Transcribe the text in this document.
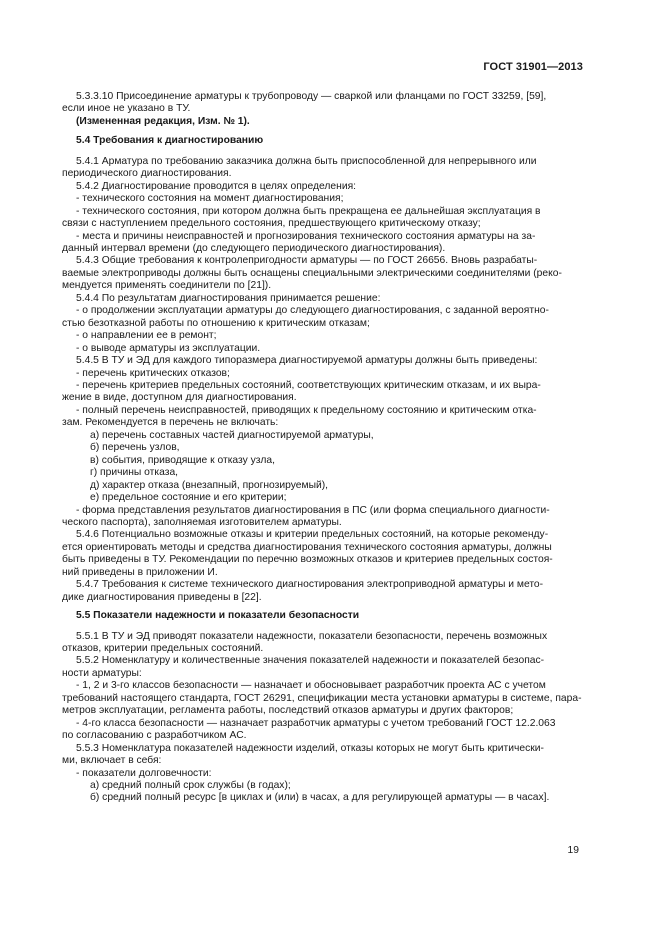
ГОСТ 31901—2013

5.3.3.10 Присоединение арматуры к трубопроводу — сваркой или фланцами по ГОСТ 33259, [59],

если иное не указано в ТУ.

(Измененная редакция, Изм. № 1).

5.4 Требования к диагностированию

5.4.1 Арматура по требованию заказчика должна быть приспособленной для непрерывного или

периодического диагностирования.

5.4.2 Диагностирование проводится в целях определения:

- технического состояния на момент диагностирования;

- технического состояния, при котором должна быть прекращена ее дальнейшая эксплуатация в

связи с наступлением предельного состояния, предшествующего критическому отказу;

- места и причины неисправностей и прогнозирования технического состояния арматуры на за-

данный интервал времени (до следующего периодического диагностирования).

5.4.3 Общие требования к контролепригодности арматуры — по ГОСТ 26656. Вновь разрабаты-

ваемые электроприводы должны быть оснащены специальными электрическими соединителями (реко-

мендуется применять соединители по [21]).

5.4.4 По результатам диагностирования принимается решение:

- о продолжении эксплуатации арматуры до следующего диагностирования, с заданной вероятно-

стью безотказной работы по отношению к критическим отказам;

- о направлении ее в ремонт;

- о выводе арматуры из эксплуатации.

5.4.5 В ТУ и ЭД для каждого типоразмера диагностируемой арматуры должны быть приведены:

- перечень критических отказов;

- перечень критериев предельных состояний, соответствующих критическим отказам, и их выра-

жение в виде, доступном для диагностирования.

- полный перечень неисправностей, приводящих к предельному состоянию и критическим отка-

зам. Рекомендуется в перечень не включать:

а) перечень составных частей диагностируемой арматуры,

б) перечень узлов,

в) события, приводящие к отказу узла,

г) причины отказа,

д) характер отказа (внезапный, прогнозируемый),

е) предельное состояние и его критерии;

- форма представления результатов диагностирования в ПС (или форма специального диагности-

ческого паспорта), заполняемая изготовителем арматуры.

5.4.6 Потенциально возможные отказы и критерии предельных состояний, на которые рекоменду-

ется ориентировать методы и средства диагностирования технического состояния арматуры, должны

быть приведены в ТУ. Рекомендации по перечню возможных отказов и критериев предельных состоя-

ний приведены в приложении И.

5.4.7 Требования к системе технического диагностирования электроприводной арматуры и мето-

дике диагностирования приведены в [22].

5.5 Показатели надежности и показатели безопасности

5.5.1 В ТУ и ЭД приводят показатели надежности, показатели безопасности, перечень возможных

отказов, критерии предельных состояний.

5.5.2 Номенклатуру и количественные значения показателей надежности и показателей безопас-

ности арматуры:

- 1, 2 и 3-го классов безопасности — назначает и обосновывает разработчик проекта АС с учетом

требований настоящего стандарта, ГОСТ 26291, спецификации места установки арматуры в системе, пара-

метров эксплуатации, регламента работы, последствий отказов арматуры и других факторов;

- 4-го класса безопасности — назначает разработчик арматуры с учетом требований ГОСТ 12.2.063

по согласованию с разработчиком АС.

5.5.3 Номенклатура показателей надежности изделий, отказы которых не могут быть критически-

ми, включает в себя:

- показатели долговечности:

а) средний полный срок службы (в годах);

б) средний полный ресурс [в циклах и (или) в часах, а для регулирующей арматуры — в часах].

19
